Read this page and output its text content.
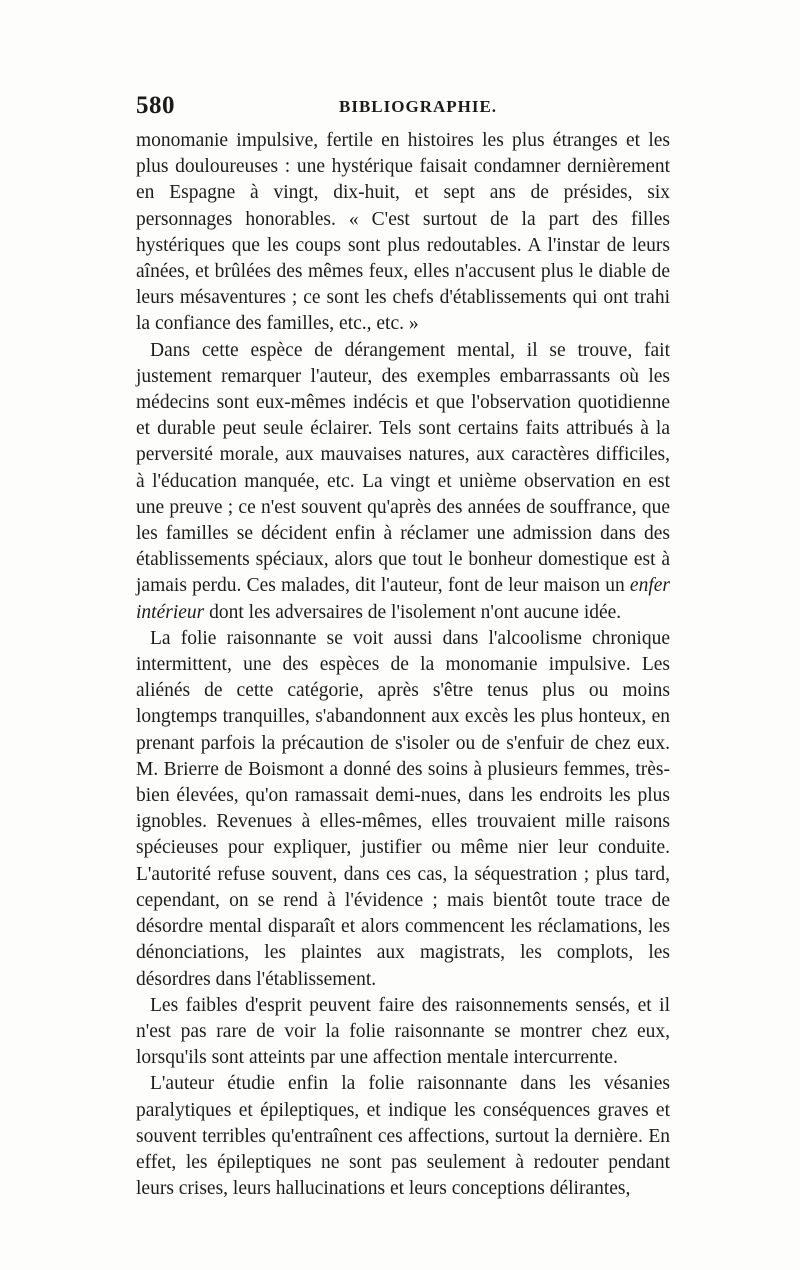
580	BIBLIOGRAPHIE.

monomanie impulsive, fertile en histoires les plus étranges et les plus douloureuses : une hystérique faisait condamner dernièrement en Espagne à vingt, dix-huit, et sept ans de présides, six personnages honorables. « C'est surtout de la part des filles hystériques que les coups sont plus redoutables. A l'instar de leurs aînées, et brûlées des mêmes feux, elles n'accusent plus le diable de leurs mésaventures ; ce sont les chefs d'établissements qui ont trahi la confiance des familles, etc., etc. »

Dans cette espèce de dérangement mental, il se trouve, fait justement remarquer l'auteur, des exemples embarrassants où les médecins sont eux-mêmes indécis et que l'observation quotidienne et durable peut seule éclairer. Tels sont certains faits attribués à la perversité morale, aux mauvaises natures, aux caractères difficiles, à l'éducation manquée, etc. La vingt et unième observation en est une preuve ; ce n'est souvent qu'après des années de souffrance, que les familles se décident enfin à réclamer une admission dans des établissements spéciaux, alors que tout le bonheur domestique est à jamais perdu. Ces malades, dit l'auteur, font de leur maison un enfer intérieur dont les adversaires de l'isolement n'ont aucune idée.

La folie raisonnante se voit aussi dans l'alcoolisme chronique intermittent, une des espèces de la monomanie impulsive. Les aliénés de cette catégorie, après s'être tenus plus ou moins longtemps tranquilles, s'abandonnent aux excès les plus honteux, en prenant parfois la précaution de s'isoler ou de s'enfuir de chez eux. M. Brierre de Boismont a donné des soins à plusieurs femmes, très-bien élevées, qu'on ramassait demi-nues, dans les endroits les plus ignobles. Revenues à elles-mêmes, elles trouvaient mille raisons spécieuses pour expliquer, justifier ou même nier leur conduite. L'autorité refuse souvent, dans ces cas, la séquestration ; plus tard, cependant, on se rend à l'évidence ; mais bientôt toute trace de désordre mental disparaît et alors commencent les réclamations, les dénonciations, les plaintes aux magistrats, les complots, les désordres dans l'établissement.

Les faibles d'esprit peuvent faire des raisonnements sensés, et il n'est pas rare de voir la folie raisonnante se montrer chez eux, lorsqu'ils sont atteints par une affection mentale intercurrente.

L'auteur étudie enfin la folie raisonnante dans les vésanies paralytiques et épileptiques, et indique les conséquences graves et souvent terribles qu'entraînent ces affections, surtout la dernière. En effet, les épileptiques ne sont pas seulement à redouter pendant leurs crises, leurs hallucinations et leurs conceptions délirantes,
